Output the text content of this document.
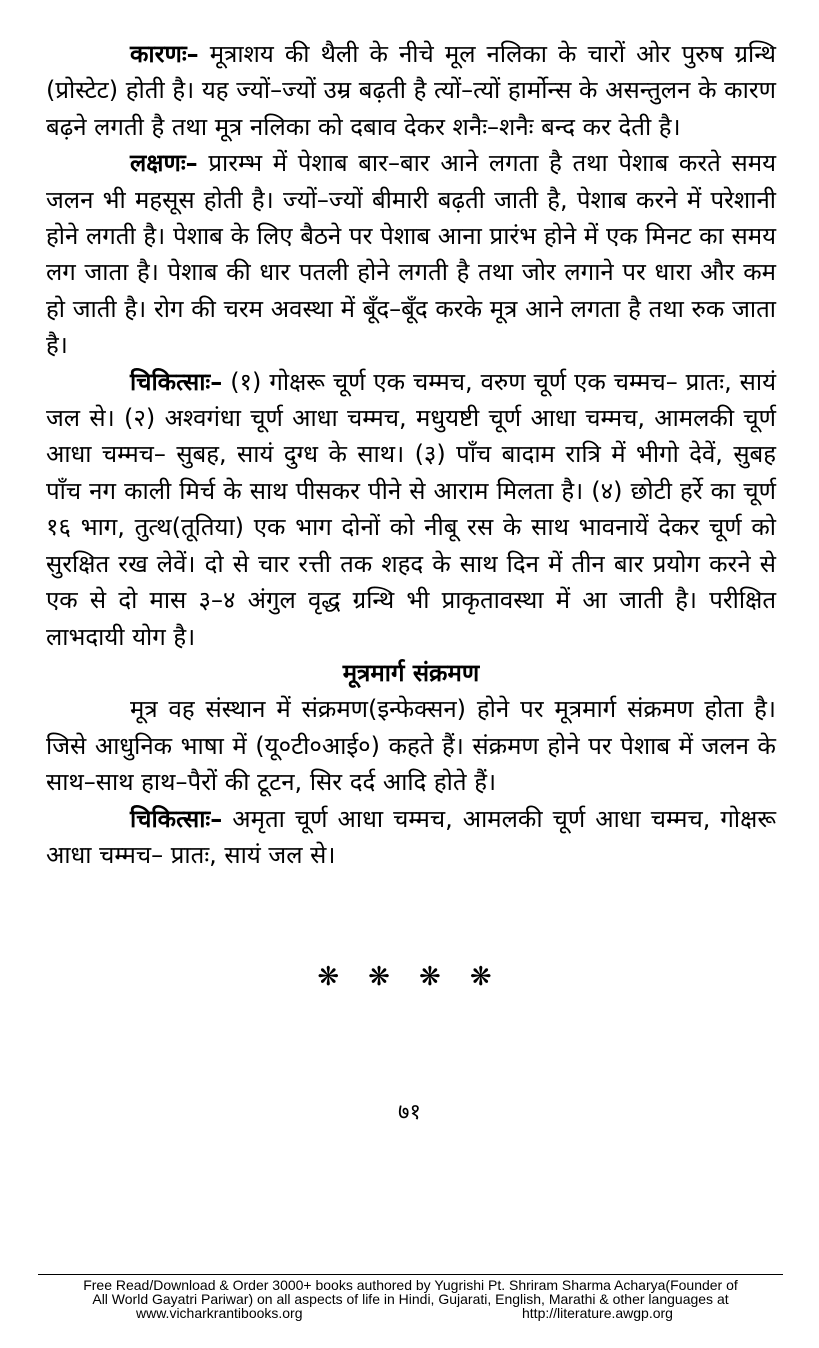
कारणः– मूत्राशय की थैली के नीचे मूल नलिका के चारों ओर पुरुष ग्रन्थि (प्रोस्टेट) होती है। यह ज्यों–ज्यों उम्र बढ़ती है त्यों–त्यों हार्मोन्स के असन्तुलन के कारण बढ़ने लगती है तथा मूत्र नलिका को दबाव देकर शनैः–शनैः बन्द कर देती है।

लक्षणः– प्रारम्भ में पेशाब बार–बार आने लगता है तथा पेशाब करते समय जलन भी महसूस होती है। ज्यों–ज्यों बीमारी बढ़ती जाती है, पेशाब करने में परेशानी होने लगती है। पेशाब के लिए बैठने पर पेशाब आना प्रारंभ होने में एक मिनट का समय लग जाता है। पेशाब की धार पतली होने लगती है तथा जोर लगाने पर धारा और कम हो जाती है। रोग की चरम अवस्था में बूँद–बूँद करके मूत्र आने लगता है तथा रुक जाता है।

चिकित्साः– (१) गोक्षरू चूर्ण एक चम्मच, वरुण चूर्ण एक चम्मच– प्रातः, सायं जल से। (२) अश्वगंधा चूर्ण आधा चम्मच, मधुयष्टी चूर्ण आधा चम्मच, आमलकी चूर्ण आधा चम्मच– सुबह, सायं दुग्ध के साथ। (३) पाँच बादाम रात्रि में भीगो देवें, सुबह पाँच नग काली मिर्च के साथ पीसकर पीने से आराम मिलता है। (४) छोटी हर्रे का चूर्ण १६ भाग, तुत्थ(तूतिया) एक भाग दोनों को नीबू रस के साथ भावनायें देकर चूर्ण को सुरक्षित रख लेवें। दो से चार रत्ती तक शहद के साथ दिन में तीन बार प्रयोग करने से एक से दो मास ३–४ अंगुल वृद्ध ग्रन्थि भी प्राकृतावस्था में आ जाती है। परीक्षित लाभदायी योग है।

मूत्रमार्ग संक्रमण

मूत्र वह संस्थान में संक्रमण(इन्फेक्सन) होने पर मूत्रमार्ग संक्रमण होता है। जिसे आधुनिक भाषा में (यू०टी०आई०) कहते हैं। संक्रमण होने पर पेशाब में जलन के साथ–साथ हाथ–पैरों की टूटन, सिर दर्द आदि होते हैं।

चिकित्साः– अमृता चूर्ण आधा चम्मच, आमलकी चूर्ण आधा चम्मच, गोक्षरू आधा चम्मच– प्रातः, सायं जल से।

❋ ❋ ❋ ❋
७१
Free Read/Download & Order 3000+ books authored by Yugrishi Pt. Shriram Sharma Acharya(Founder of
All World Gayatri Pariwar) on all aspects of life in Hindi, Gujarati, English, Marathi & other languages at
www.vicharkrantibooks.org	http://literature.awgp.org
